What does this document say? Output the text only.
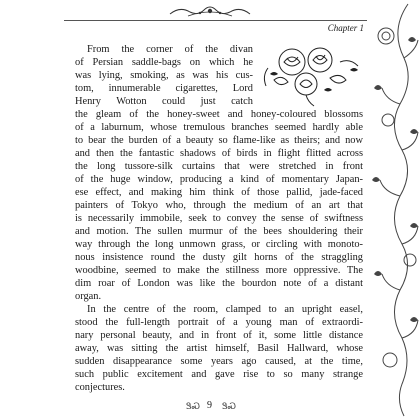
Chapter 1
From the corner of the divan
of Persian saddle-bags on which he
was lying, smoking, as was his cus-
tom, innumerable cigarettes, Lord
Henry Wotton could just catch
the gleam of the honey-sweet and honey-coloured blossoms
of a laburnum, whose tremulous branches seemed hardly able
to bear the burden of a beauty so flame-like as theirs; and now
and then the fantastic shadows of birds in flight flitted across
the long tussore-silk curtains that were stretched in front
of the huge window, producing a kind of momentary Japan-
ese effect, and making him think of those pallid, jade-faced
painters of Tokyo who, through the medium of an art that
is necessarily immobile, seek to convey the sense of swiftness
and motion. The sullen murmur of the bees shouldering their
way through the long unmown grass, or circling with monoto-
nous insistence round the dusty gilt horns of the straggling
woodbine, seemed to make the stillness more oppressive. The
dim roar of London was like the bourdon note of a distant
organ.
In the centre of the room, clamped to an upright easel,
stood the full-length portrait of a young man of extraordi-
nary personal beauty, and in front of it, some little distance
away, was sitting the artist himself, Basil Hallward, whose
sudden disappearance some years ago caused, at the time,
such public excitement and gave rise to so many strange
conjectures.
9
ᏕᏍ ᏕᏍ
